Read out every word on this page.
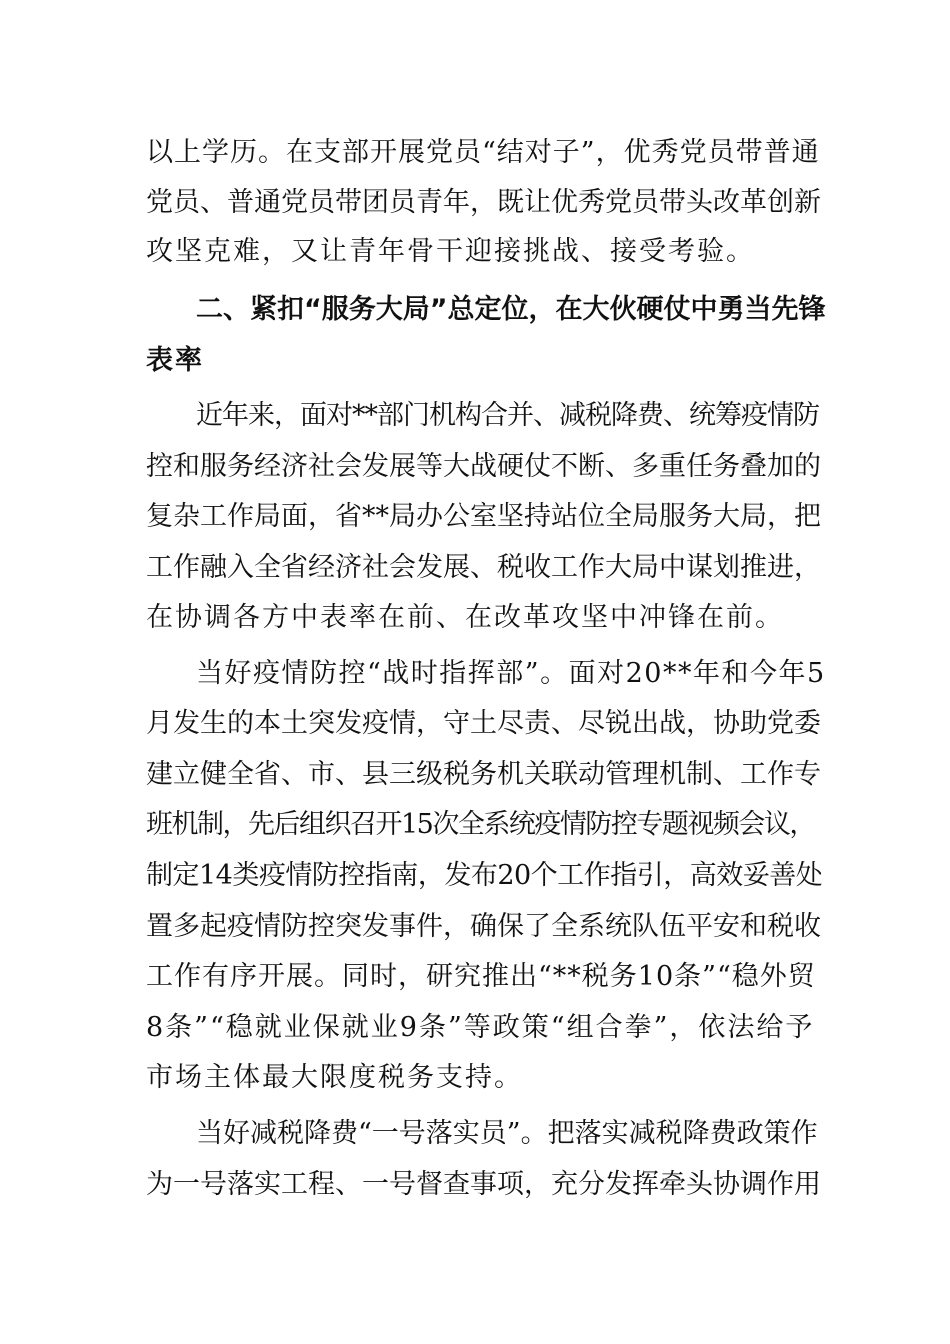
以上学历。在支部开展党员“结对子”，优秀党员带普通
党员、普通党员带团员青年，既让优秀党员带头改革创新
攻坚克难，又让青年骨干迎接挑战、接受考验。
二、紧扣“服务大局”总定位，在大伙硬仗中勇当先锋
表率
近年来，面对**部门机构合并、减税降费、统筹疫情防
控和服务经济社会发展等大战硬仗不断、多重任务叠加的
复杂工作局面，省**局办公室坚持站位全局服务大局，把
工作融入全省经济社会发展、税收工作大局中谋划推进，
在协调各方中表率在前、在改革攻坚中冲锋在前。
当好疫情防控“战时指挥部”。面对20**年和今年5
月发生的本土突发疫情，守土尽责、尽锐出战，协助党委
建立健全省、市、县三级税务机关联动管理机制、工作专
班机制，先后组织召开15次全系统疫情防控专题视频会议，
制定14类疫情防控指南，发布20个工作指引，高效妥善处
置多起疫情防控突发事件，确保了全系统队伍平安和税收
工作有序开展。同时，研究推出“**税务10条”“稳外贸
8条”“稳就业保就业9条”等政策“组合拳”，依法给予
市场主体最大限度税务支持。
当好减税降费“一号落实员”。把落实减税降费政策作
为一号落实工程、一号督查事项，充分发挥牵头协调作用
